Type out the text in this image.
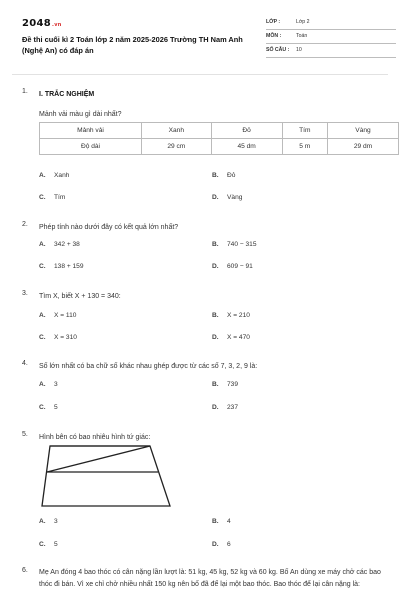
2048.vn
Đề thi cuối kì 2 Toán lớp 2 năm 2025-2026 Trường TH Nam Anh (Nghệ An) có đáp án
LỚP :	Lớp 2
MÔN :	Toán
SỐ CÂU : 10
1. I. TRẮC NGHIỆM
Mảnh vải màu gì dài nhất?
Mảnh vải	Xanh	Đỏ	Tím	Vàng
Độ dài	29 cm	45 dm	5 m	29 dm
A. Xanh	B. Đỏ
C. Tím	D. Vàng
2. Phép tính nào dưới đây có kết quả lớn nhất?
A. 342 + 38	B. 740 − 315
C. 138 + 159	D. 609 − 91
3. Tìm X, biết X + 130 = 340:
A. X = 110	B. X = 210
C. X = 310	D. X = 470
4. Số lớn nhất có ba chữ số khác nhau ghép được từ các số 7, 3, 2, 9 là:
A. 3	B. 739
C. 5	D. 237
5. Hình bên có bao nhiêu hình tứ giác:
A. 3	B. 4
C. 5	D. 6
6. Mẹ An đóng 4 bao thóc có cân nặng lần lượt là: 51 kg, 45 kg, 52 kg và 60 kg. Bố An dùng xe máy chở các bao thóc đi bán. Vì xe chỉ chở nhiều nhất 150 kg nên bố đã để lại một bao thóc. Bao thóc để lại cân nặng là:
